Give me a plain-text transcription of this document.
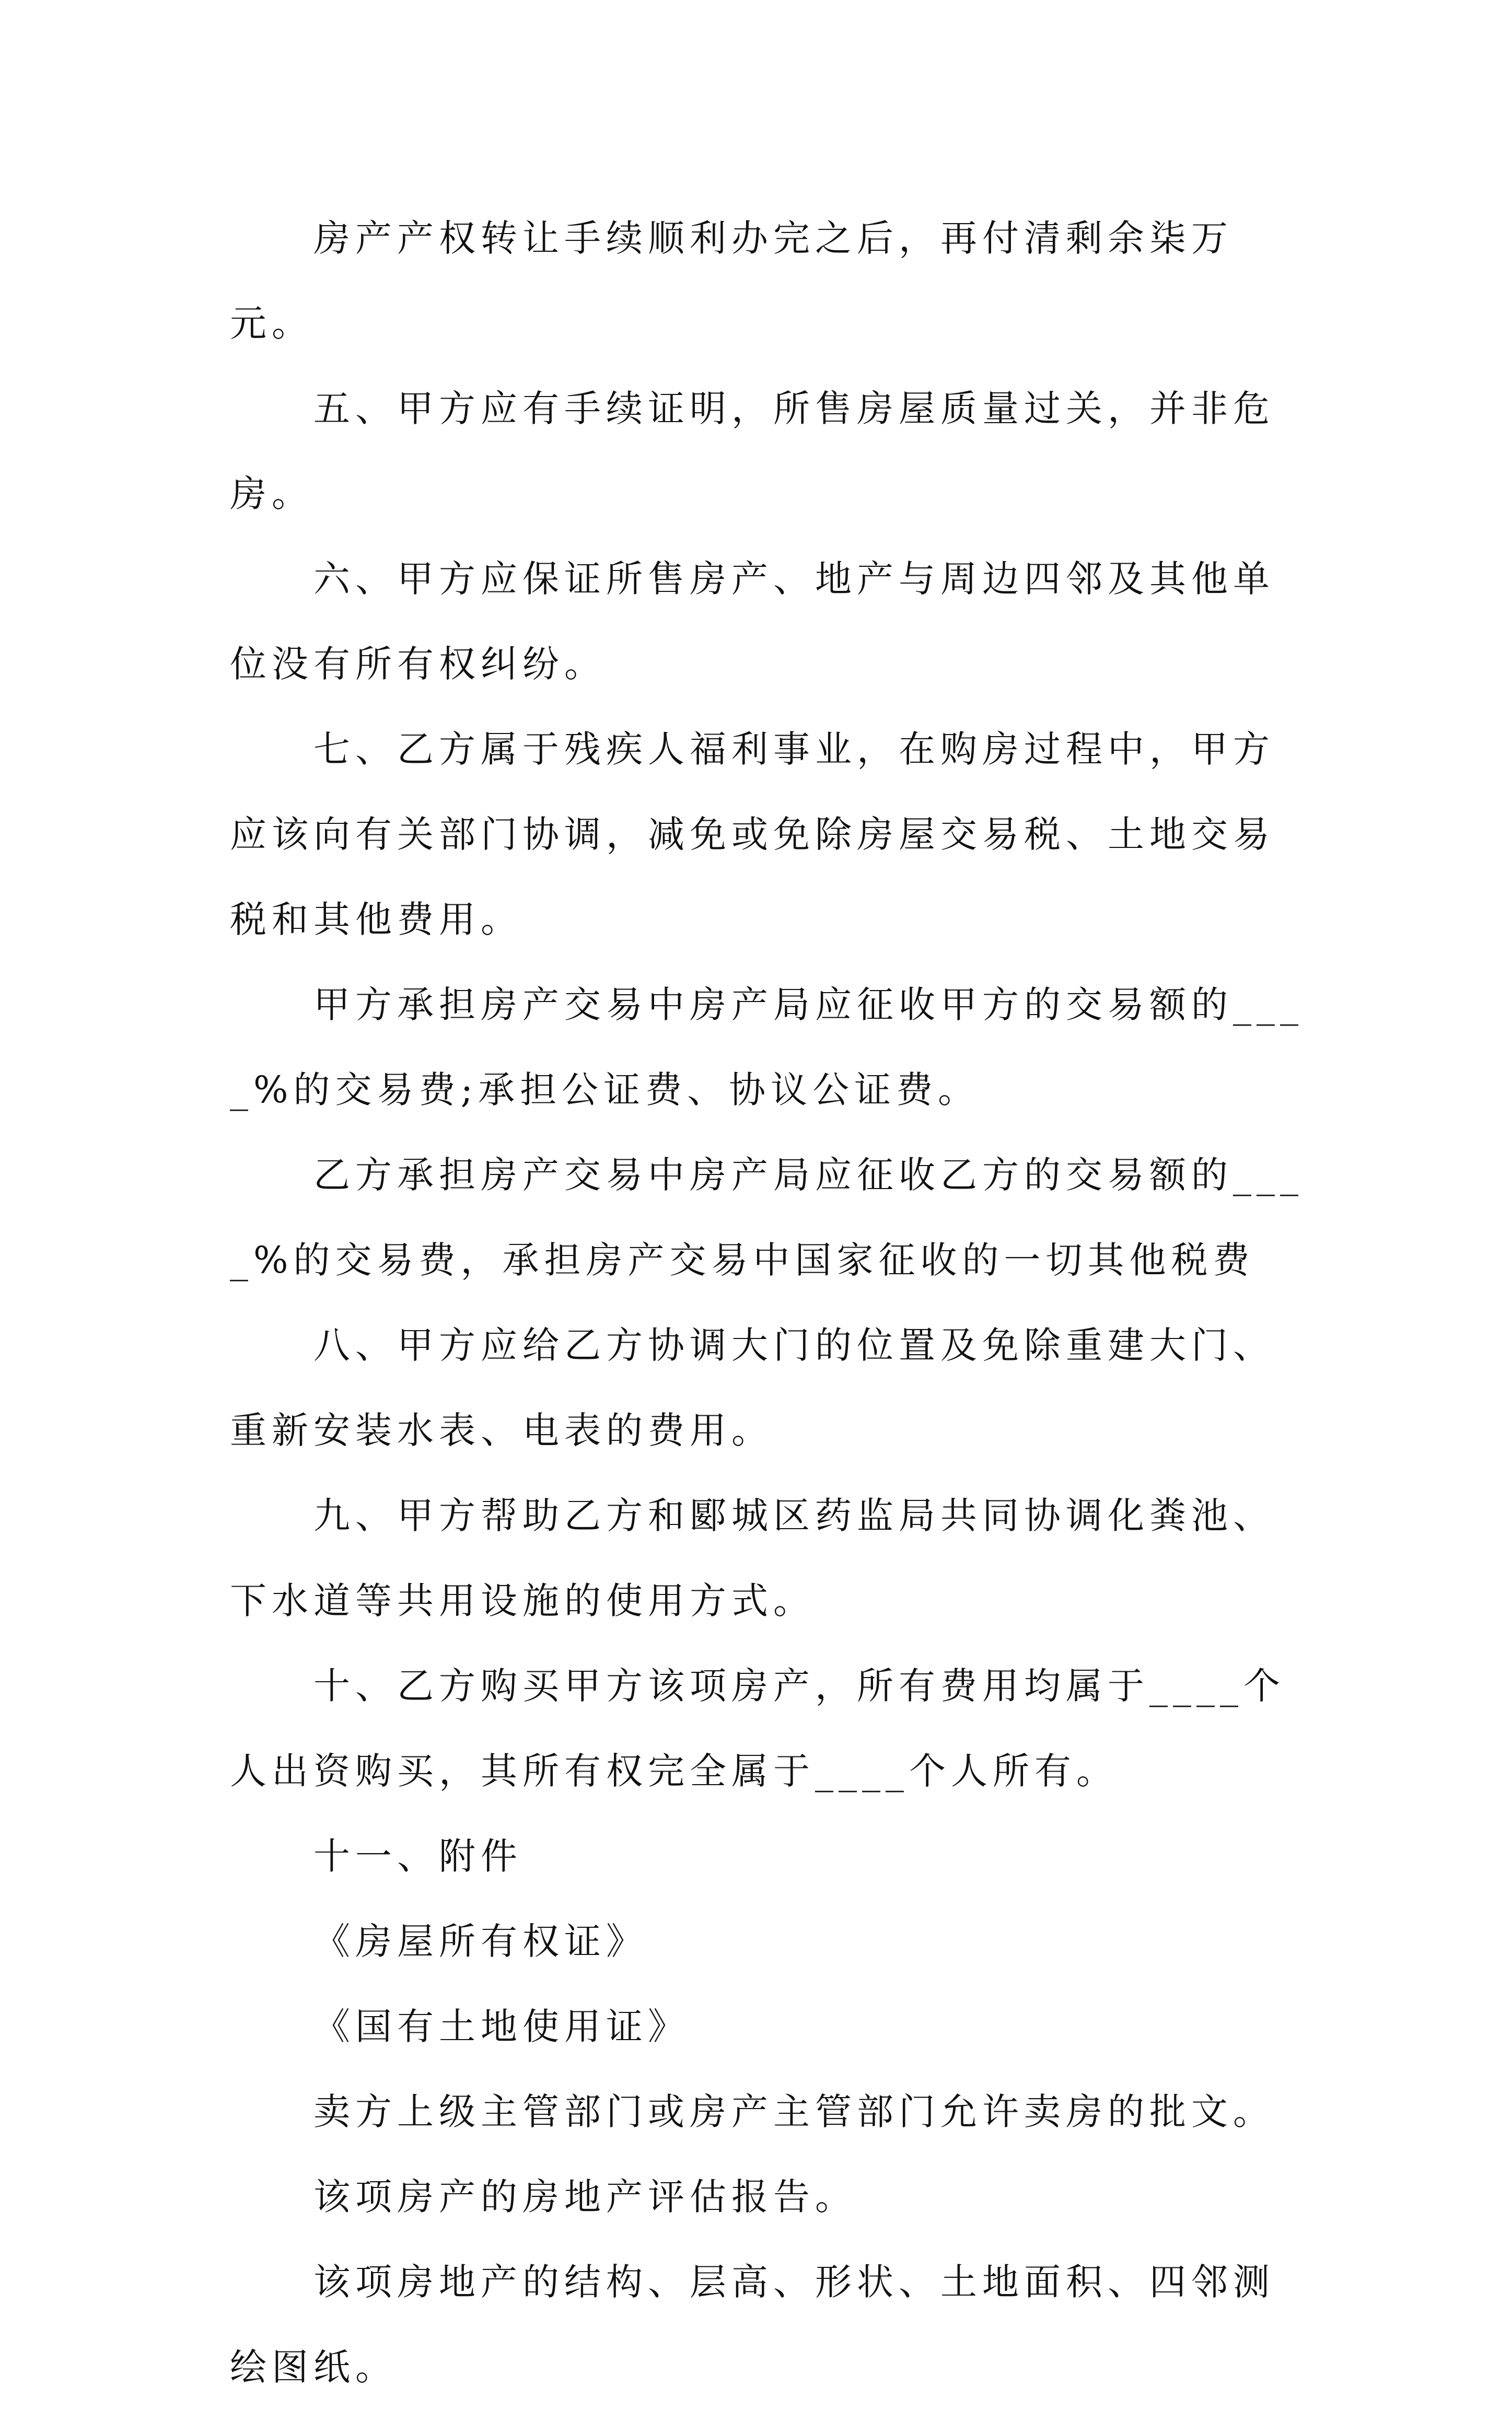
房产产权转让手续顺利办完之后，再付清剩余柒万元。

五、甲方应有手续证明，所售房屋质量过关，并非危房。

六、甲方应保证所售房产、地产与周边四邻及其他单位没有所有权纠纷。

七、乙方属于残疾人福利事业，在购房过程中，甲方应该向有关部门协调，减免或免除房屋交易税、土地交易税和其他费用。

甲方承担房产交易中房产局应征收甲方的交易额的____%的交易费;承担公证费、协议公证费。

乙方承担房产交易中房产局应征收乙方的交易额的____%的交易费，承担房产交易中国家征收的一切其他税费

八、甲方应给乙方协调大门的位置及免除重建大门、重新安装水表、电表的费用。

九、甲方帮助乙方和郾城区药监局共同协调化粪池、下水道等共用设施的使用方式。

十、乙方购买甲方该项房产，所有费用均属于____个人出资购买，其所有权完全属于____个人所有。

十一、附件

《房屋所有权证》

《国有土地使用证》

卖方上级主管部门或房产主管部门允许卖房的批文。

该项房产的房地产评估报告。

该项房地产的结构、层高、形状、土地面积、四邻测绘图纸。
